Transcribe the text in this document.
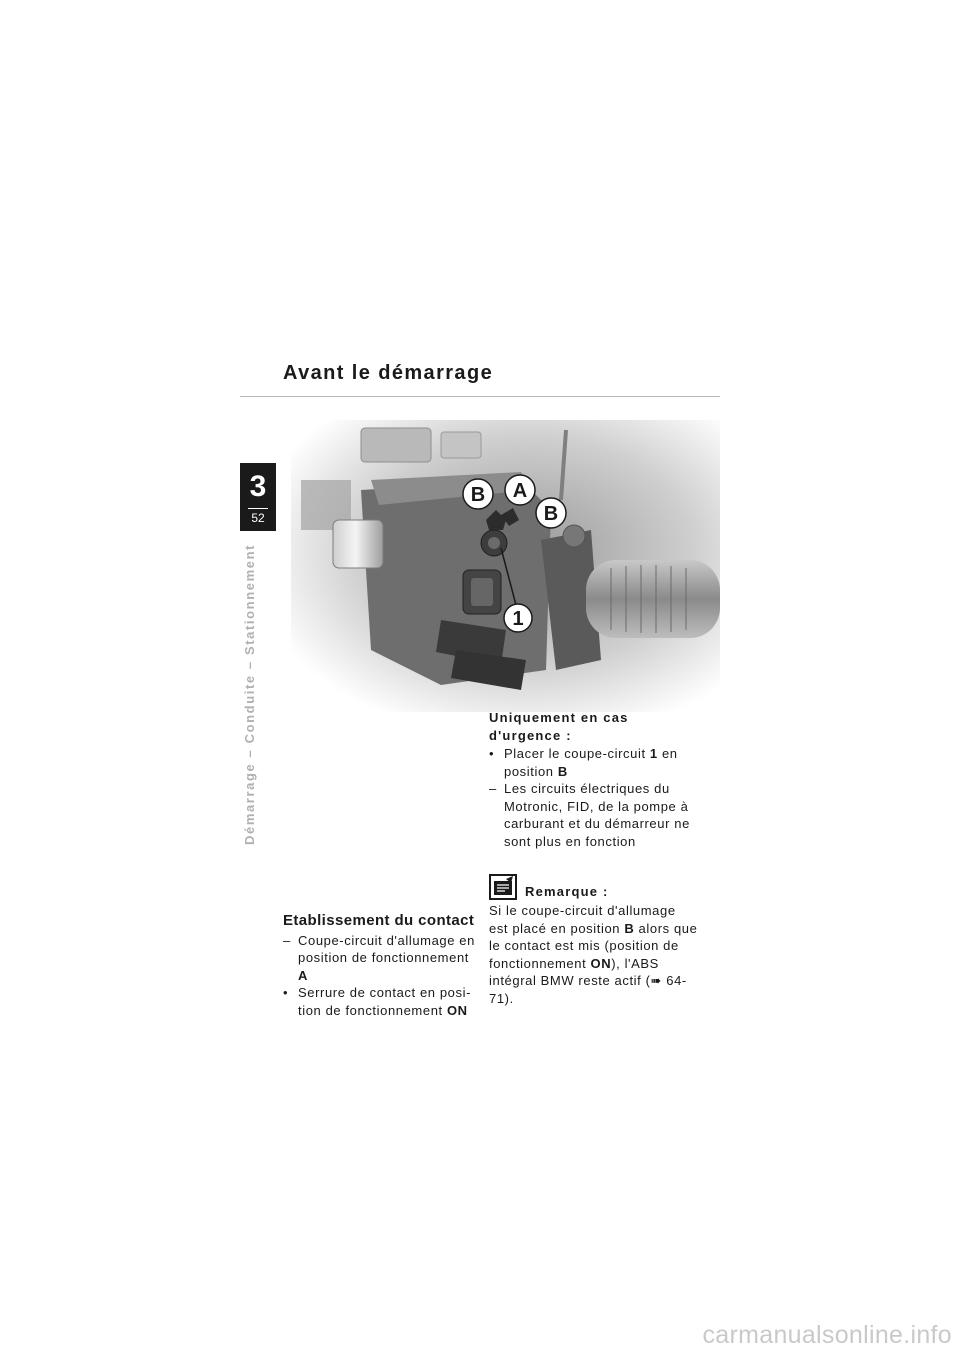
Avant le démarrage
3
52
Démarrage – Conduite – Stationnement
B A
B
1
Etablissement du contact
– Coupe-circuit d'allumage en position de fonctionnement A
• Serrure de contact en posi-tion de fonctionnement ON
Uniquement en cas d'urgence :
• Placer le coupe-circuit 1 en position B
– Les circuits électriques du Motronic, FID, de la pompe à carburant et du démarreur ne sont plus en fonction
Remarque :
Si le coupe-circuit d'allumage est placé en position B alors que le contact est mis (position de fonctionnement ON), l'ABS intégral BMW reste actif (➠ 64-71).
carmanualsonline.info
